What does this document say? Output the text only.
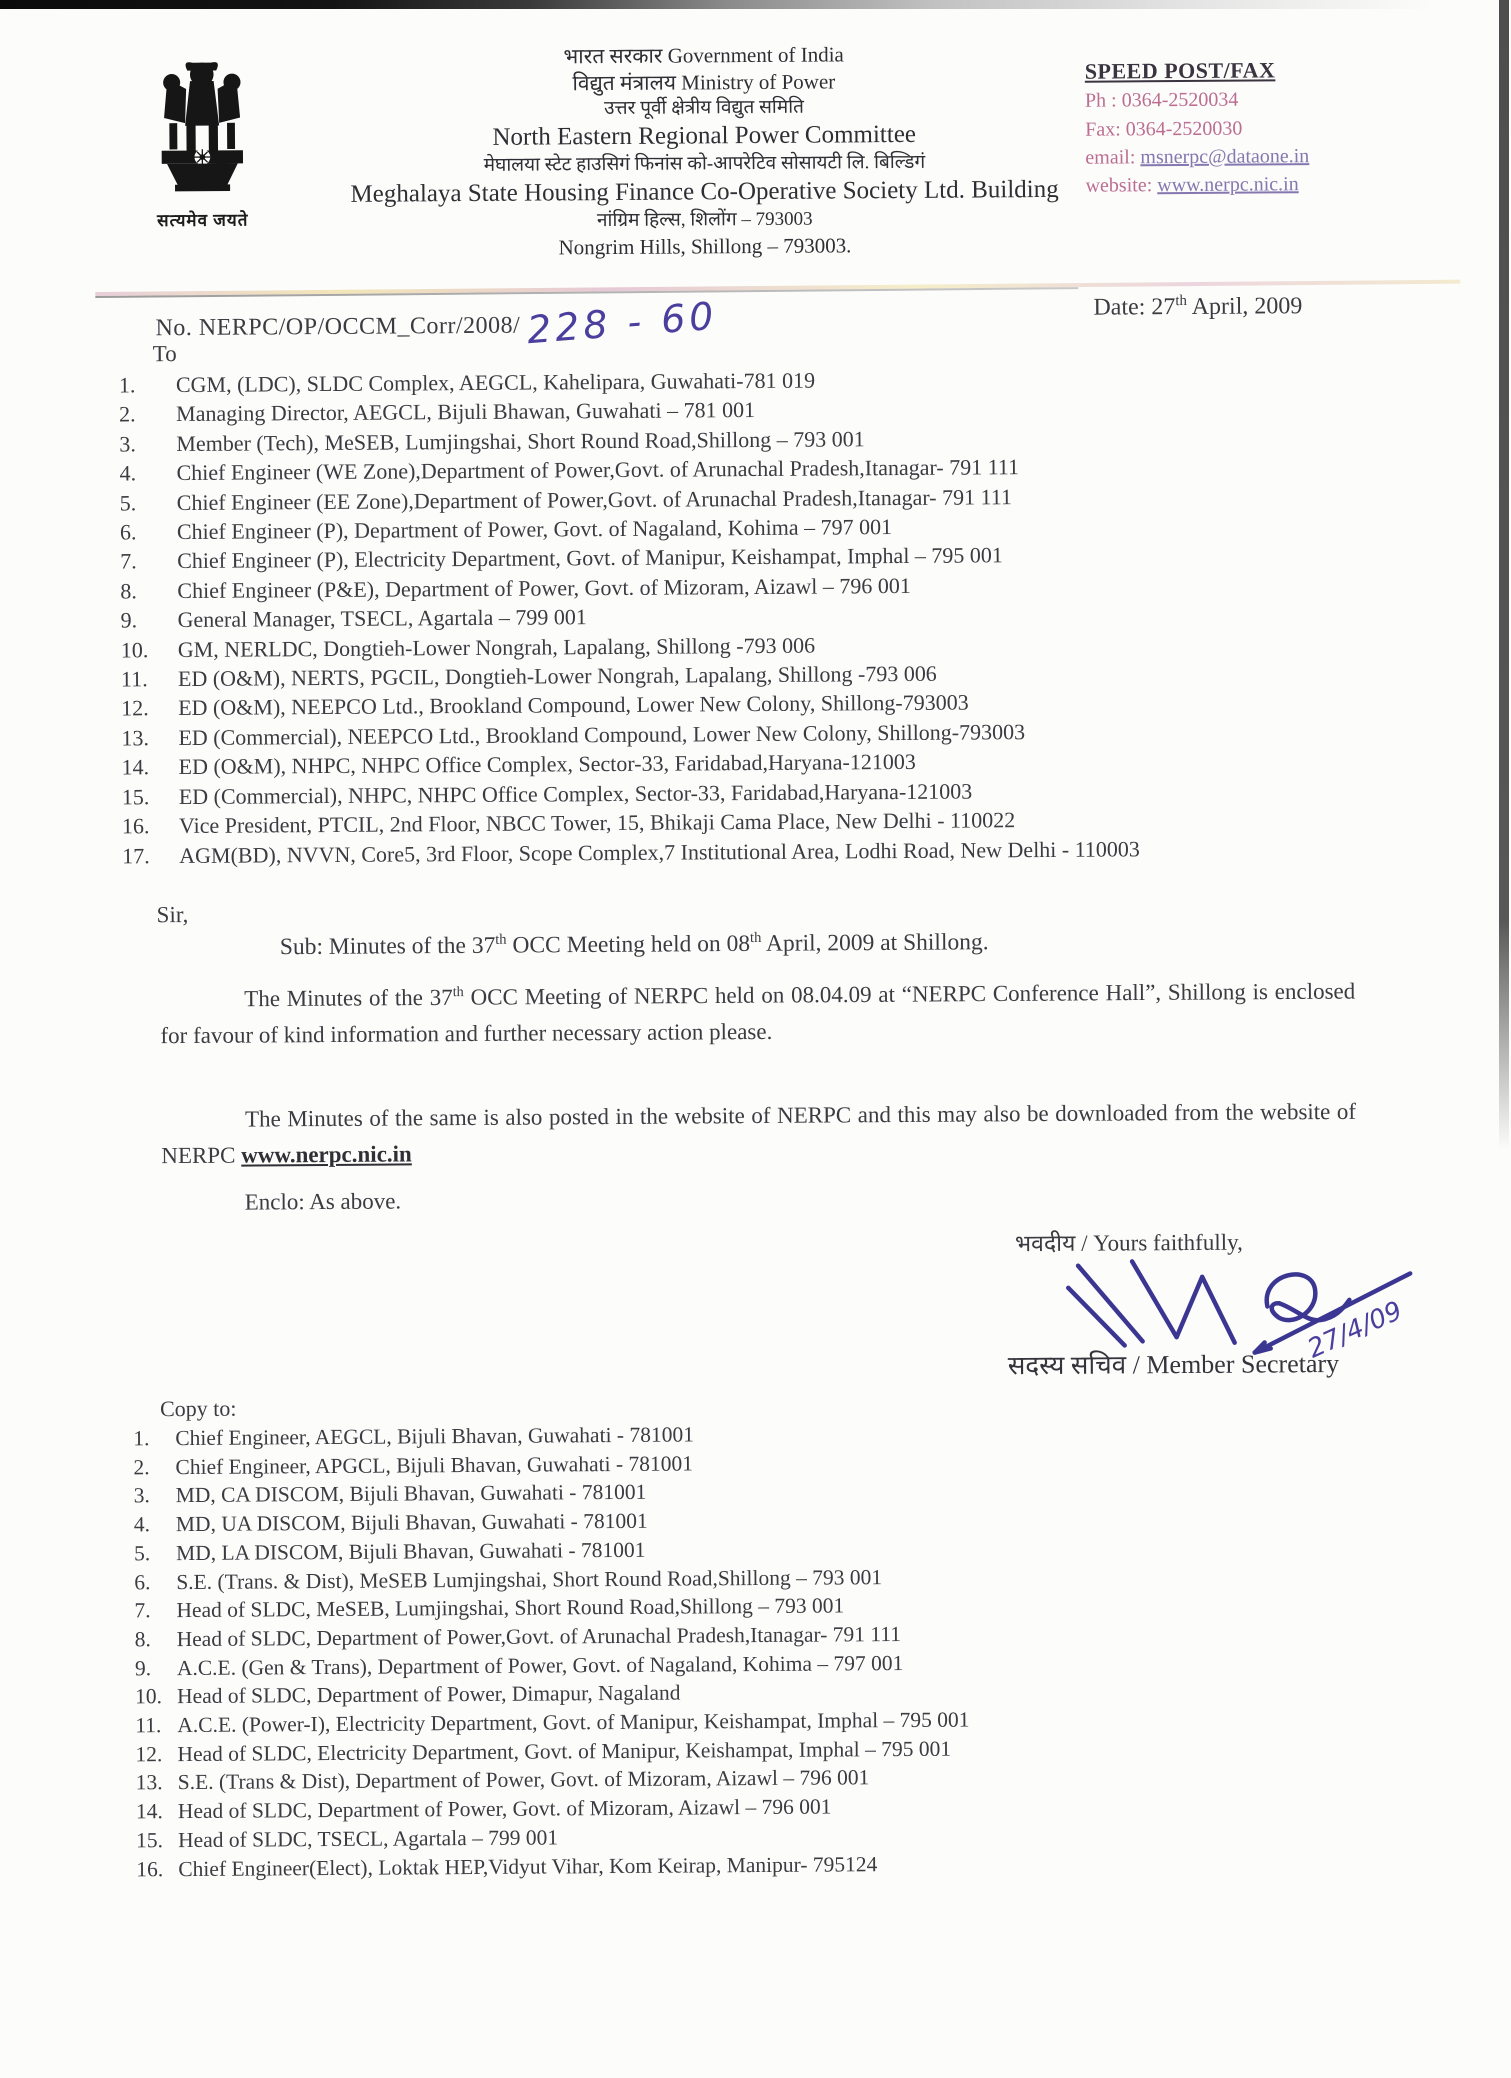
सत्यमेव जयते
भारत सरकार Government of India
विद्युत मंत्रालय Ministry of Power
उत्तर पूर्वी क्षेत्रीय विद्युत समिति
North Eastern Regional Power Committee
मेघालया स्टेट हाउसिगं फिनांस को-आपरेटिव सोसायटी लि. बिल्डिगं
Meghalaya State Housing Finance Co-Operative Society Ltd. Building
नांग्रिम हिल्स, शिलोंग – 793003
Nongrim Hills, Shillong – 793003.
SPEED POST/FAX
Ph : 0364-2520034
Fax: 0364-2520030
email: msnerpc@dataone.in
website: www.nerpc.nic.in
No. NERPC/OP/OCCM_Corr/2008/ 228 - 60	Date: 27th April, 2009
To
CGM, (LDC), SLDC Complex, AEGCL, Kahelipara, Guwahati-781 019
Managing Director, AEGCL, Bijuli Bhawan, Guwahati – 781 001
Member (Tech), MeSEB, Lumjingshai, Short Round Road,Shillong – 793 001
Chief Engineer (WE Zone),Department of Power,Govt. of Arunachal Pradesh,Itanagar- 791 111
Chief Engineer (EE Zone),Department of Power,Govt. of Arunachal Pradesh,Itanagar- 791 111
Chief Engineer (P), Department of Power, Govt. of Nagaland, Kohima – 797 001
Chief Engineer (P), Electricity Department, Govt. of Manipur, Keishampat, Imphal – 795 001
Chief Engineer (P&E), Department of Power, Govt. of Mizoram, Aizawl – 796 001
General Manager, TSECL, Agartala – 799 001
GM, NERLDC, Dongtieh-Lower Nongrah, Lapalang, Shillong -793 006
ED (O&M), NERTS, PGCIL, Dongtieh-Lower Nongrah, Lapalang, Shillong -793 006
ED (O&M), NEEPCO Ltd., Brookland Compound, Lower New Colony, Shillong-793003
ED (Commercial), NEEPCO Ltd., Brookland Compound, Lower New Colony, Shillong-793003
ED (O&M), NHPC, NHPC Office Complex, Sector-33, Faridabad,Haryana-121003
ED (Commercial), NHPC, NHPC Office Complex, Sector-33, Faridabad,Haryana-121003
Vice President, PTCIL, 2nd Floor, NBCC Tower, 15, Bhikaji Cama Place, New Delhi - 110022
AGM(BD), NVVN, Core5, 3rd Floor, Scope Complex,7 Institutional Area, Lodhi Road, New Delhi - 110003
Sir,
Sub: Minutes of the 37th OCC Meeting held on 08th April, 2009 at Shillong.
The Minutes of the 37th OCC Meeting of NERPC held on 08.04.09 at “NERPC Conference Hall”, Shillong is enclosed for favour of kind information and further necessary action please.
The Minutes of the same is also posted in the website of NERPC and this may also be downloaded from the website of NERPC www.nerpc.nic.in
Enclo: As above.
भवदीय / Yours faithfully,
27/4/09
सदस्य सचिव / Member Secretary
Copy to:
Chief Engineer, AEGCL, Bijuli Bhavan, Guwahati - 781001
Chief Engineer, APGCL, Bijuli Bhavan, Guwahati - 781001
MD, CA DISCOM, Bijuli Bhavan, Guwahati - 781001
MD, UA DISCOM, Bijuli Bhavan, Guwahati - 781001
MD, LA DISCOM, Bijuli Bhavan, Guwahati - 781001
S.E. (Trans. & Dist), MeSEB Lumjingshai, Short Round Road,Shillong – 793 001
Head of SLDC, MeSEB, Lumjingshai, Short Round Road,Shillong – 793 001
Head of SLDC, Department of Power,Govt. of Arunachal Pradesh,Itanagar- 791 111
A.C.E. (Gen & Trans), Department of Power, Govt. of Nagaland, Kohima – 797 001
Head of SLDC, Department of Power, Dimapur, Nagaland
A.C.E. (Power-I), Electricity Department, Govt. of Manipur, Keishampat, Imphal – 795 001
Head of SLDC, Electricity Department, Govt. of Manipur, Keishampat, Imphal – 795 001
S.E. (Trans & Dist), Department of Power, Govt. of Mizoram, Aizawl – 796 001
Head of SLDC, Department of Power, Govt. of Mizoram, Aizawl – 796 001
Head of SLDC, TSECL, Agartala – 799 001
Chief Engineer(Elect), Loktak HEP,Vidyut Vihar, Kom Keirap, Manipur- 795124
